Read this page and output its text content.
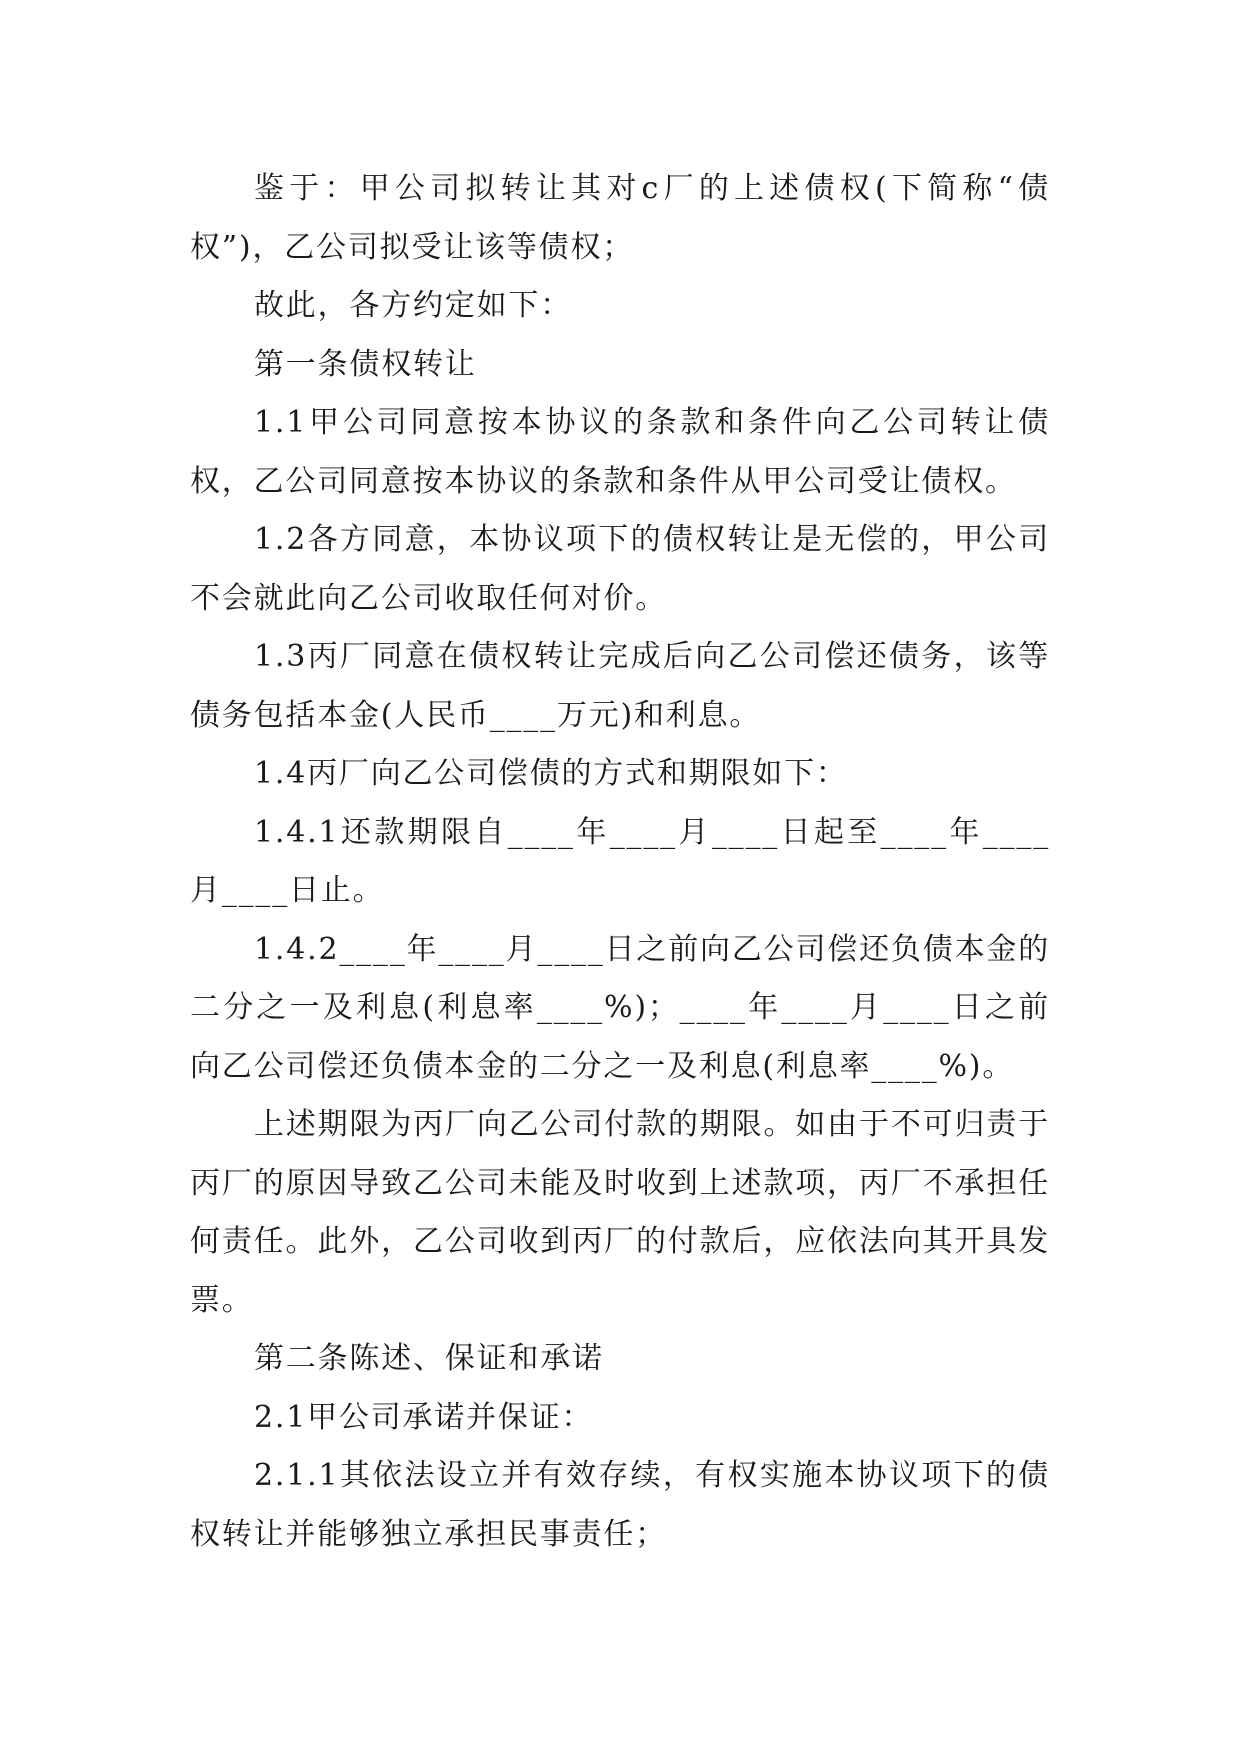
鉴于：甲公司拟转让其对c厂的上述债权(下简称“债权”)，乙公司拟受让该等债权；

故此，各方约定如下：

第一条债权转让

1.1甲公司同意按本协议的条款和条件向乙公司转让债权，乙公司同意按本协议的条款和条件从甲公司受让债权。

1.2各方同意，本协议项下的债权转让是无偿的，甲公司不会就此向乙公司收取任何对价。

1.3丙厂同意在债权转让完成后向乙公司偿还债务，该等债务包括本金(人民币____万元)和利息。

1.4丙厂向乙公司偿债的方式和期限如下：

1.4.1还款期限自____年____月____日起至____年____月____日止。

1.4.2____年____月____日之前向乙公司偿还负债本金的二分之一及利息(利息率____%)；____年____月____日之前向乙公司偿还负债本金的二分之一及利息(利息率____%)。

上述期限为丙厂向乙公司付款的期限。如由于不可归责于丙厂的原因导致乙公司未能及时收到上述款项，丙厂不承担任何责任。此外，乙公司收到丙厂的付款后，应依法向其开具发票。

第二条陈述、保证和承诺

2.1甲公司承诺并保证：

2.1.1其依法设立并有效存续，有权实施本协议项下的债权转让并能够独立承担民事责任；
